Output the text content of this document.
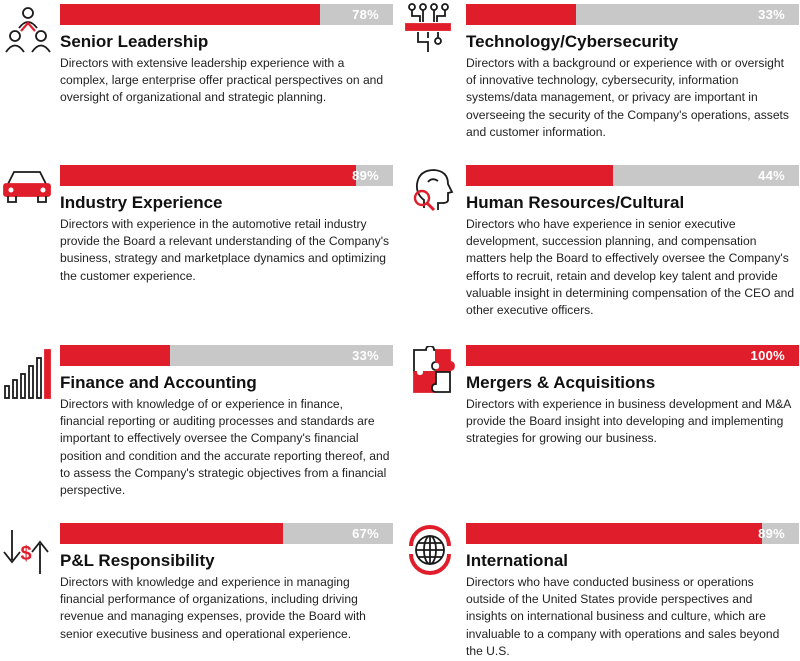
78%
Senior Leadership
Directors with extensive leadership experience with a complex, large enterprise offer practical perspectives on and oversight of organizational and strategic planning.
33%
Technology/Cybersecurity
Directors with a background or experience with or oversight of innovative technology, cybersecurity, information systems/data management, or privacy are important in overseeing the security of the Company's operations, assets and customer information.
89%
Industry Experience
Directors with experience in the automotive retail industry provide the Board a relevant understanding of the Company's business, strategy and marketplace dynamics and optimizing the customer experience.
44%
Human Resources/Cultural
Directors who have experience in senior executive development, succession planning, and compensation matters help the Board to effectively oversee the Company's efforts to recruit, retain and develop key talent and provide valuable insight in determining compensation of the CEO and other executive officers.
33%
Finance and Accounting
Directors with knowledge of or experience in finance, financial reporting or auditing processes and standards are important to effectively oversee the Company's financial position and condition and the accurate reporting thereof, and to assess the Company's strategic objectives from a financial perspective.
100%
Mergers & Acquisitions
Directors with experience in business development and M&A provide the Board insight into developing and implementing strategies for growing our business.
$
67%
P&L Responsibility
Directors with knowledge and experience in managing financial performance of organizations, including driving revenue and managing expenses, provide the Board with senior executive business and operational experience.
89%
International
Directors who have conducted business or operations outside of the United States provide perspectives and insights on international business and culture, which are invaluable to a company with operations and sales beyond the U.S.
